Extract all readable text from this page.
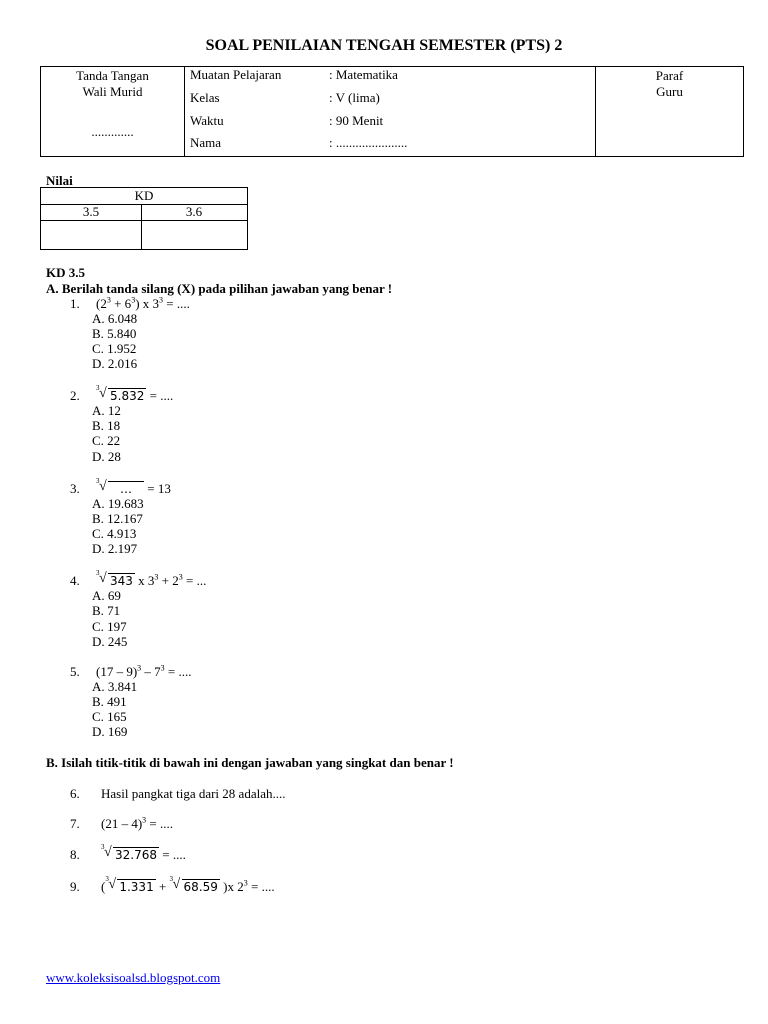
SOAL PENILAIAN TENGAH SEMESTER (PTS) 2
Tanda Tangan
Wali Murid
.............
Muatan Pelajaran	: Matematika
Kelas	: V (lima)
Waktu	: 90 Menit
Nama	: ......................
Paraf
Guru
Nilai
KD
3.5	3.6
KD 3.5
A. Berilah tanda silang (X) pada pilihan jawaban yang benar !
1. $(2^3 + 6^3)$ x $3^3$ = ....
A. 6.048
B. 5.840
C. 1.952
D. 2.016
2. 3 √ 5.832 = ....
A. 12
B. 18
C. 22
D. 28
3. 3 √ … = 13
A. 19.683
B. 12.167
C. 4.913
D. 2.197
4. 3 √ 343 x $3^3 + 2^3$ = ...
A. 69
B. 71
C. 197
D. 245
5. $(17 - 9)^3 - 7^3$ = ....
A. 3.841
B. 491
C. 165
D. 169
B. Isilah titik-titik di bawah ini dengan jawaban yang singkat dan benar !
6. Hasil pangkat tiga dari 28 adalah....
7. (21 – 4)$^3$ = ....
8.	3 √ 32.768 = ....
9. ( 3 √ 1.331 + 3 √ 68.59 )x $2^3$ = ....
www.koleksisoalsd.blogspot.com
